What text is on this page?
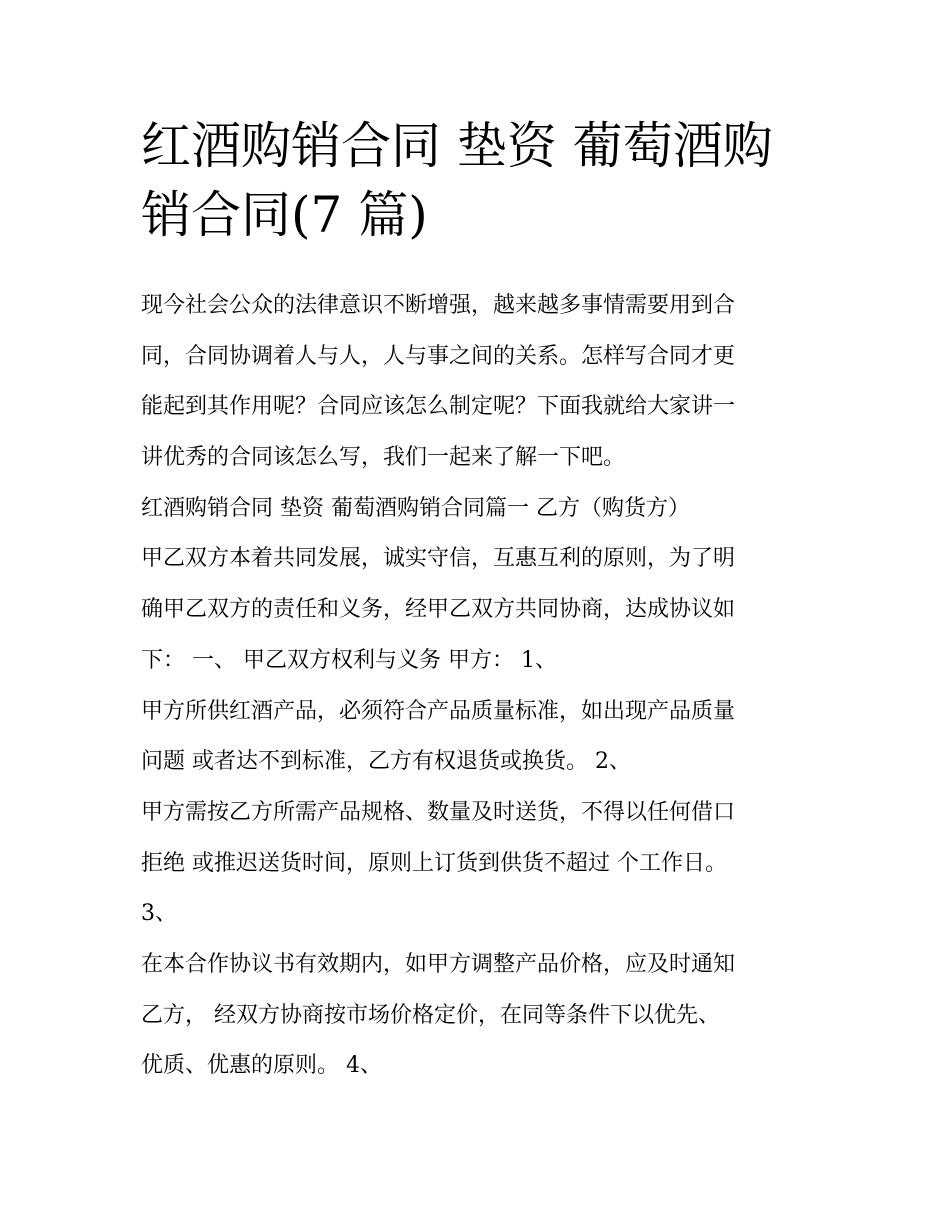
红酒购销合同 垫资 葡萄酒购
销合同(7 篇)

现今社会公众的法律意识不断增强，越来越多事情需要用到合

同，合同协调着人与人，人与事之间的关系。怎样写合同才更

能起到其作用呢？合同应该怎么制定呢？下面我就给大家讲一

讲优秀的合同该怎么写，我们一起来了解一下吧。

红酒购销合同 垫资 葡萄酒购销合同篇一 乙方（购货方）

甲乙双方本着共同发展，诚实守信，互惠互利的原则，为了明

确甲乙双方的责任和义务，经甲乙双方共同协商，达成协议如

下： 一、 甲乙双方权利与义务 甲方： 1、

甲方所供红酒产品，必须符合产品质量标准，如出现产品质量

问题 或者达不到标准，乙方有权退货或换货。 2、

甲方需按乙方所需产品规格、数量及时送货，不得以任何借口

拒绝 或推迟送货时间，原则上订货到供货不超过 个工作日。

3、

在本合作协议书有效期内，如甲方调整产品价格，应及时通知

乙方， 经双方协商按市场价格定价，在同等条件下以优先、

优质、优惠的原则。 4、
